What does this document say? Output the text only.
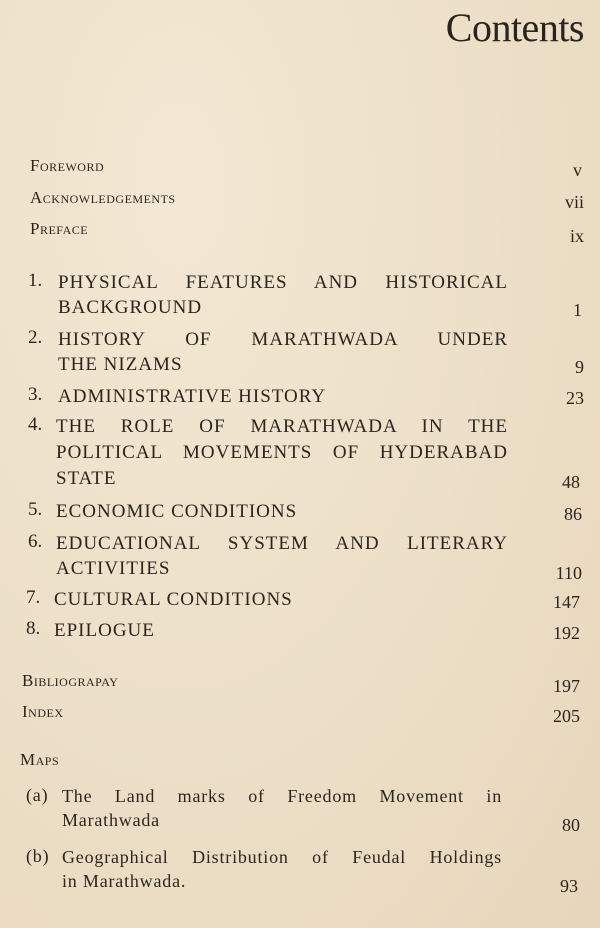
Contents
Foreword	v
Acknowledgements	vii
Preface	ix
1. PHYSICAL FEATURES AND HISTORICAL
BACKGROUND	1
2. HISTORY OF MARATHWADA UNDER
THE NIZAMS	9
3. ADMINISTRATIVE HISTORY	23
4. THE ROLE OF MARATHWADA IN THE
POLITICAL MOVEMENTS OF HYDERABAD
STATE	48
5. ECONOMIC CONDITIONS	86
6. EDUCATIONAL SYSTEM AND LITERARY
ACTIVITIES	110
7. CULTURAL CONDITIONS	147
8. EPILOGUE	192
Bibliograpay	197
Index	205
Maps
(a) The Land marks of Freedom Movement in
Marathwada	80
(b) Geographical Distribution of Feudal Holdings
in Marathwada.	93
